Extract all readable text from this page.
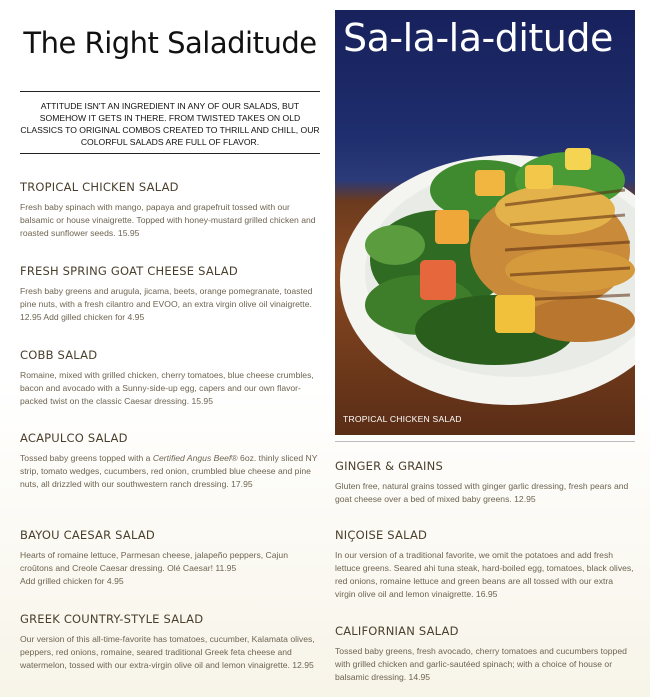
The Right Saladitude
ATTITUDE ISN'T AN INGREDIENT IN ANY OF OUR SALADS, BUT SOMEHOW IT GETS IN THERE. FROM TWISTED TAKES ON OLD CLASSICS TO ORIGINAL COMBOS CREATED TO THRILL AND CHILL, OUR COLORFUL SALADS ARE FULL OF FLAVOR.
TROPICAL CHICKEN SALAD

Fresh baby spinach with mango, papaya and grapefruit tossed with our balsamic or house vinaigrette. Topped with honey-mustard grilled chicken and roasted sunflower seeds. 15.95

FRESH SPRING GOAT CHEESE SALAD

Fresh baby greens and arugula, jicama, beets, orange pomegranate, toasted pine nuts, with a fresh cilantro and EVOO, an extra virgin olive oil vinaigrette. 12.95 Add gilled chicken for 4.95

COBB SALAD

Romaine, mixed with grilled chicken, cherry tomatoes, blue cheese crumbles, bacon and avocado with a Sunny-side-up egg, capers and our own flavor-packed twist on the classic Caesar dressing. 15.95

ACAPULCO SALAD

Tossed baby greens topped with a Certified Angus Beef® 6oz. thinly sliced NY strip, tomato wedges, cucumbers, red onion, crumbled blue cheese and pine nuts, all drizzled with our southwestern ranch dressing. 17.95

BAYOU CAESAR SALAD

Hearts of romaine lettuce, Parmesan cheese, jalapeño peppers, Cajun croûtons and Creole Caesar dressing. Olé Caesar! 11.95

Add grilled chicken for 4.95

GREEK COUNTRY-STYLE SALAD

Our version of this all-time-favorite has tomatoes, cucumber, Kalamata olives, peppers, red onions, romaine, seared traditional Greek feta cheese and watermelon, tossed with our extra-virgin olive oil and lemon vinaigrette. 12.95

Sa-la-la-ditude
TROPICAL CHICKEN SALAD
GINGER & GRAINS

Gluten free, natural grains tossed with ginger garlic dressing, fresh pears and goat cheese over a bed of mixed baby greens. 12.95

NIÇOISE SALAD

In our version of a traditional favorite, we omit the potatoes and add fresh lettuce greens. Seared ahi tuna steak, hard-boiled egg, tomatoes, black olives, red onions, romaine lettuce and green beans are all tossed with our extra virgin olive oil and lemon vinaigrette. 16.95

CALIFORNIAN SALAD

Tossed baby greens, fresh avocado, cherry tomatoes and cucumbers topped with grilled chicken and garlic-sautéed spinach; with a choice of house or balsamic dressing. 14.95
